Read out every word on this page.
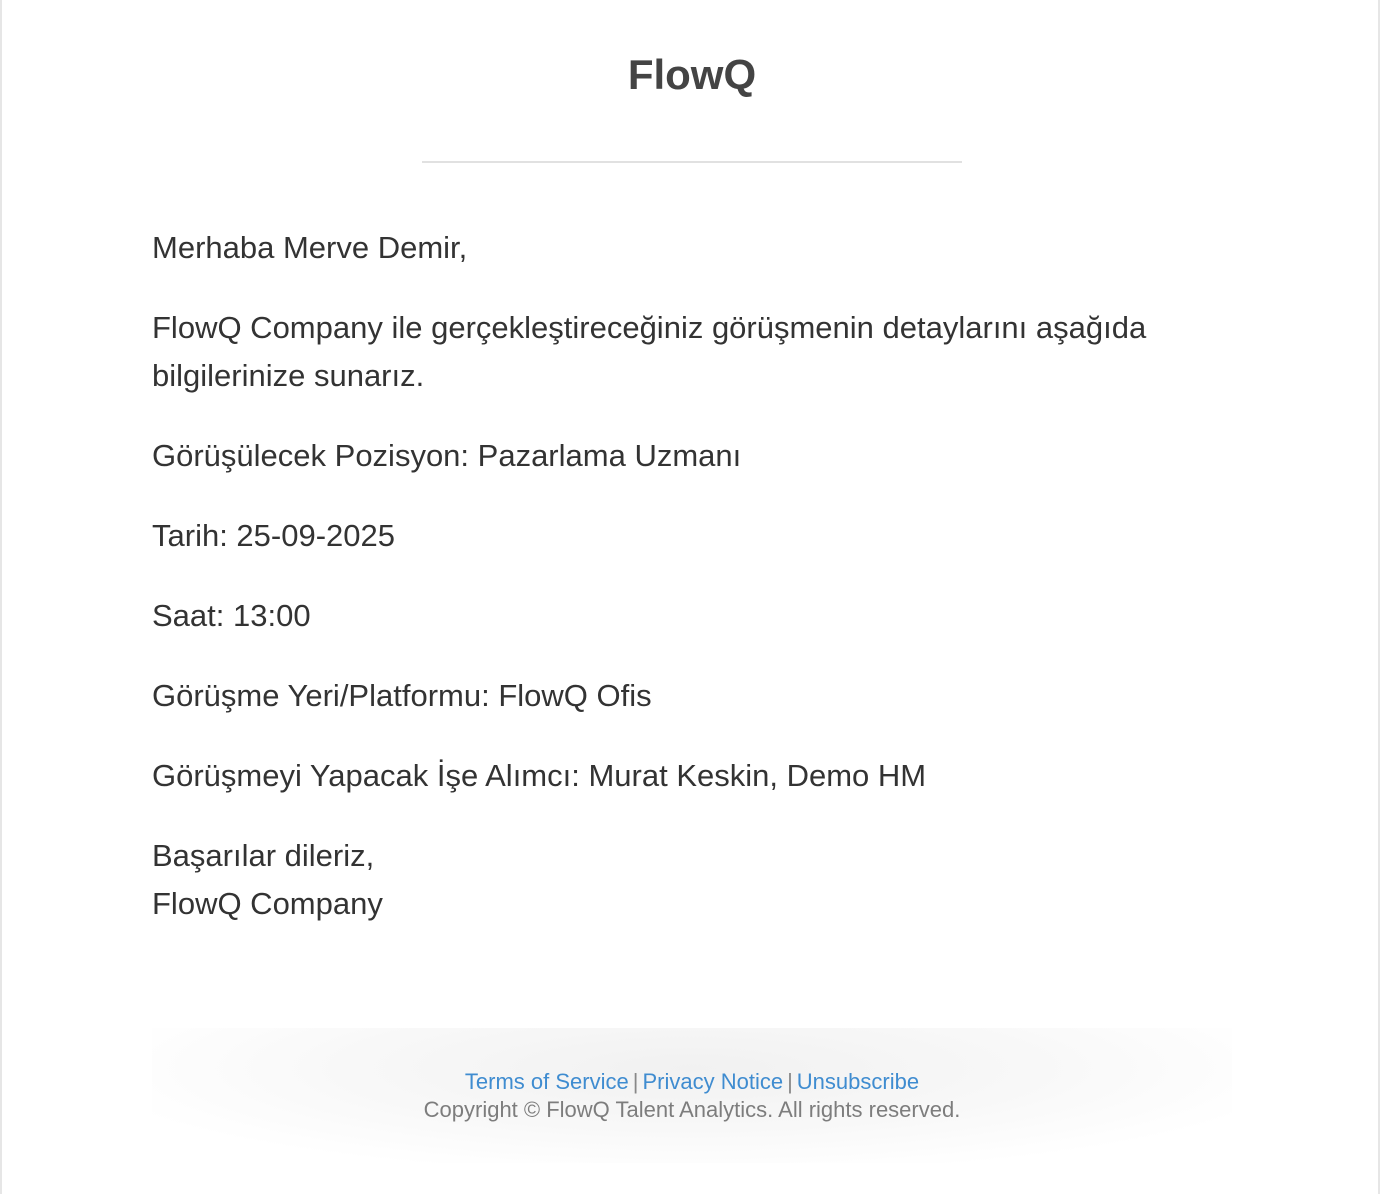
FlowQ

Merhaba Merve Demir,

FlowQ Company ile gerçekleştireceğiniz görüşmenin detaylarını aşağıda bilgilerinize sunarız.

Görüşülecek Pozisyon: Pazarlama Uzmanı

Tarih: 25-09-2025

Saat: 13:00

Görüşme Yeri/Platformu: FlowQ Ofis

Görüşmeyi Yapacak İşe Alımcı: Murat Keskin, Demo HM

Başarılar dileriz,
FlowQ Company

Terms of Service | Privacy Notice | Unsubscribe
Copyright © FlowQ Talent Analytics. All rights reserved.
